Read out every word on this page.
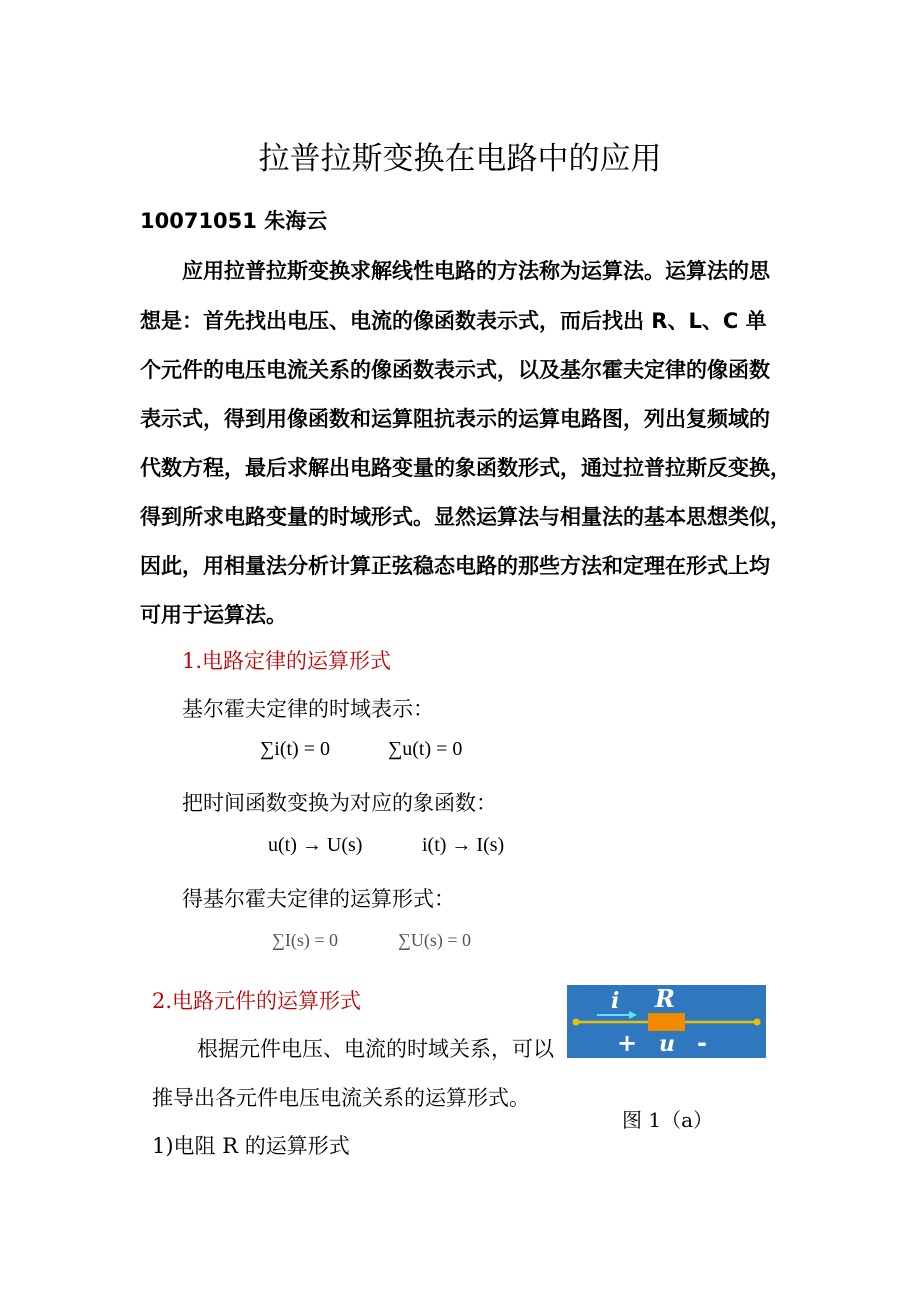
拉普拉斯变换在电路中的应用
10071051 朱海云
应用拉普拉斯变换求解线性电路的方法称为运算法。运算法的思
想是：首先找出电压、电流的像函数表示式，而后找出 R、L、C 单
个元件的电压电流关系的像函数表示式，以及基尔霍夫定律的像函数
表示式，得到用像函数和运算阻抗表示的运算电路图，列出复频域的
代数方程，最后求解出电路变量的象函数形式，通过拉普拉斯反变换，
得到所求电路变量的时域形式。显然运算法与相量法的基本思想类似，
因此，用相量法分析计算正弦稳态电路的那些方法和定理在形式上均
可用于运算法。
1.电路定律的运算形式
基尔霍夫定律的时域表示：
∑i(t) = 0	∑u(t) = 0
把时间函数变换为对应的象函数：
u(t) → U(s)	i(t) → I(s)
得基尔霍夫定律的运算形式：
∑I(s) = 0	∑U(s) = 0
2.电路元件的运算形式
根据元件电压、电流的时域关系，可以
推导出各元件电压电流关系的运算形式。
1)电阻 R 的运算形式
i R
+ u -
图 1（a）
